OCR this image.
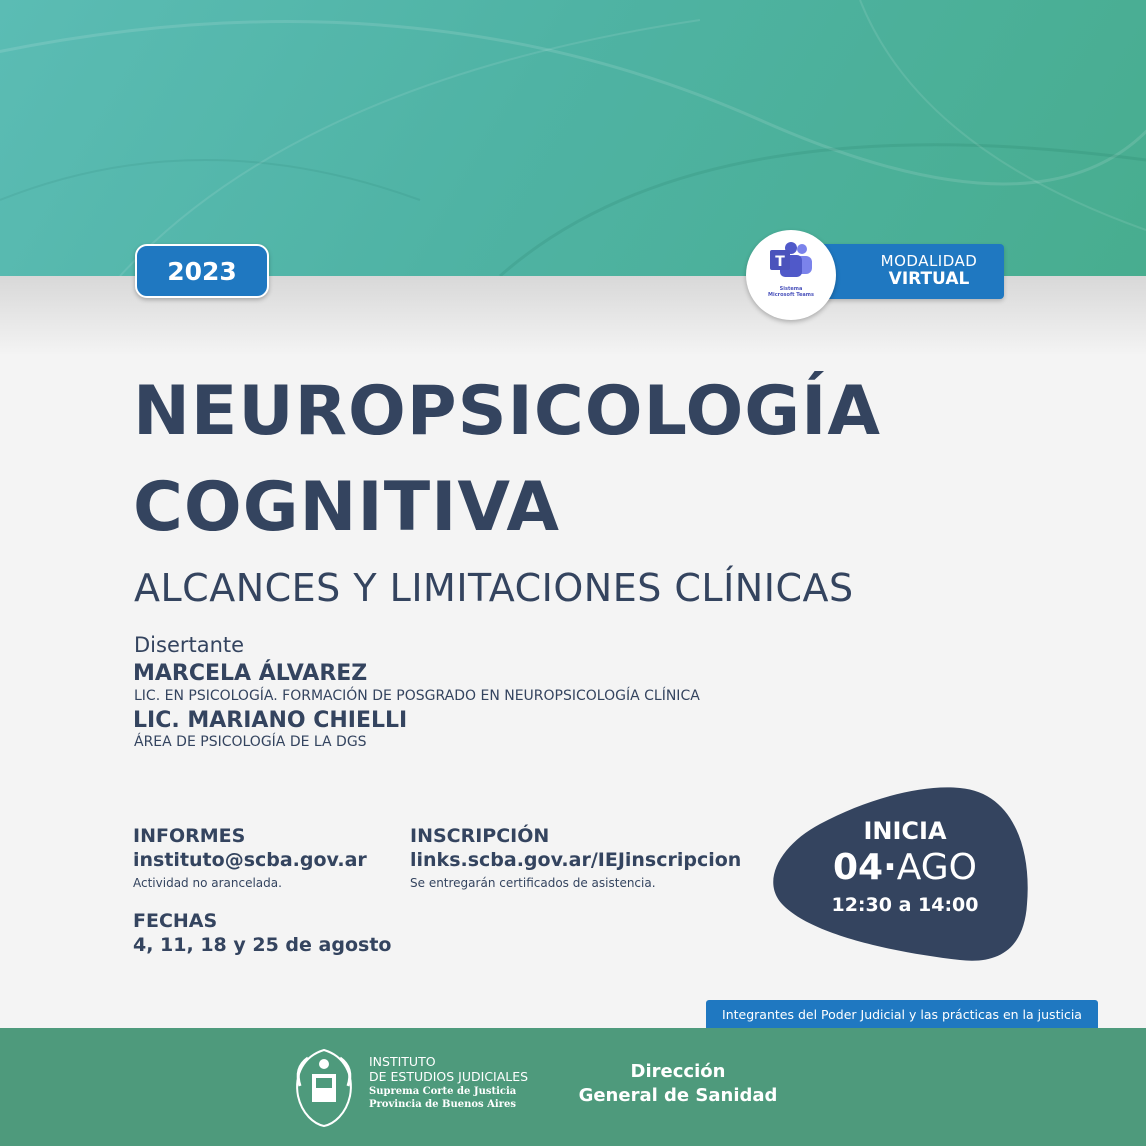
2023	MODALIDAD
VIRTUAL
T
Sistema
Microsoft Teams
NEUROPSICOLOGÍA
COGNITIVA
ALCANCES Y LIMITACIONES CLÍNICAS
Disertante
MARCELA ÁLVAREZ
LIC. EN PSICOLOGÍA. FORMACIÓN DE POSGRADO EN NEUROPSICOLOGÍA CLÍNICA
LIC. MARIANO CHIELLI
ÁREA DE PSICOLOGÍA DE LA DGS
INFORMES
instituto@scba.gov.ar
Actividad no arancelada.
INSCRIPCIÓN
links.scba.gov.ar/IEJinscripcion
Se entregarán certificados de asistencia.
FECHAS
4, 11, 18 y 25 de agosto
INICIA
04·AGO
12:30 a 14:00
Integrantes del Poder Judicial y las prácticas en la justicia
INSTITUTO
DE ESTUDIOS JUDICIALES
Suprema Corte de Justicia
Provincia de Buenos Aires
Dirección
General de Sanidad
